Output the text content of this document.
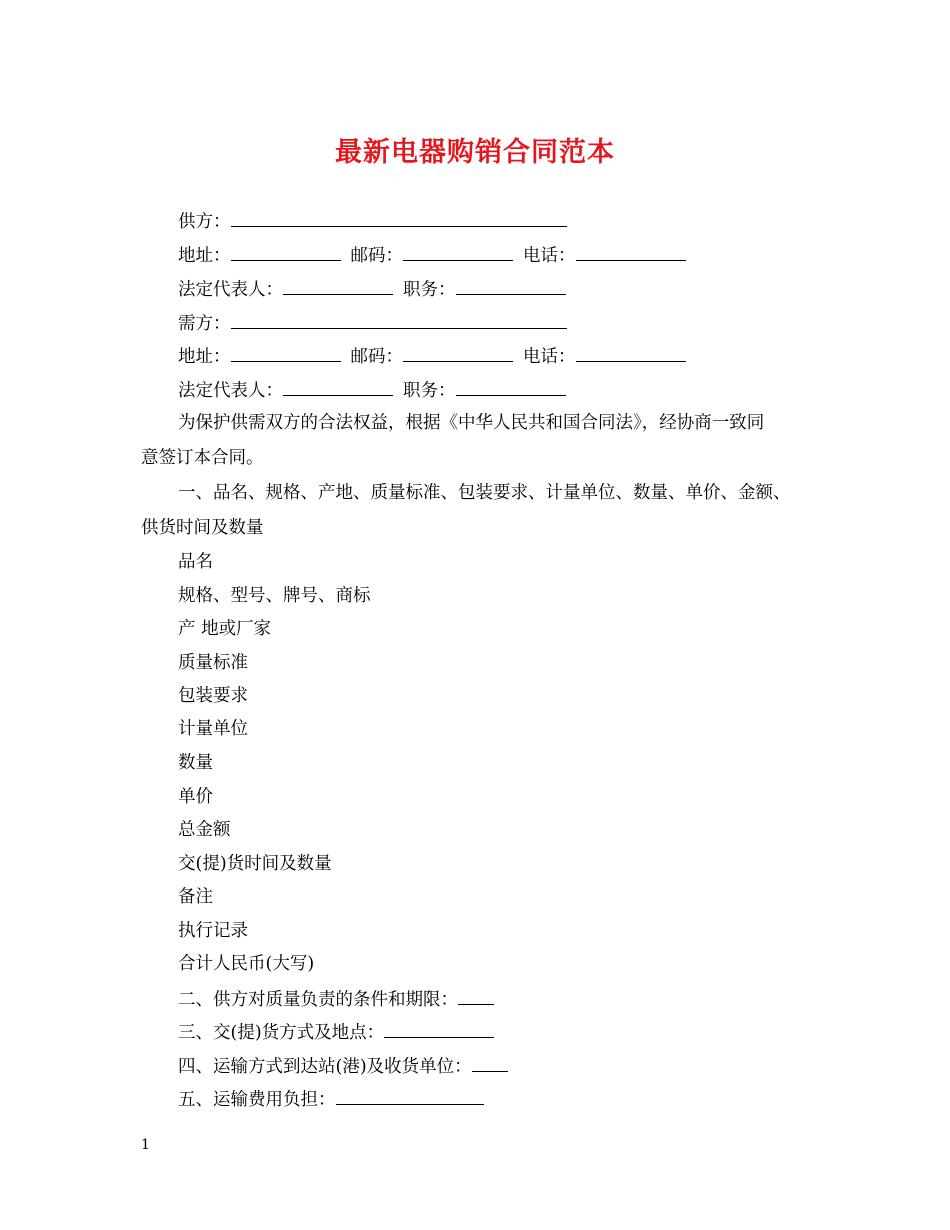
最新电器购销合同范本
供方：
地址：	邮码：	电话：
法定代表人：	职务：
需方：
地址：	邮码：	电话：
法定代表人：	职务：
为保护供需双方的合法权益，根据《中华人民共和国合同法》，经协商一致同
意签订本合同。
一、品名、规格、产地、质量标准、包装要求、计量单位、数量、单价、金额、
供货时间及数量
品名
规格、型号、牌号、商标
产 地或厂家
质量标准
包装要求
计量单位
数量
单价
总金额
交(提)货时间及数量
备注
执行记录
合计人民币(大写)
二、供方对质量负责的条件和期限：
三、交(提)货方式及地点：
四、运输方式到达站(港)及收货单位：
五、运输费用负担：
1
